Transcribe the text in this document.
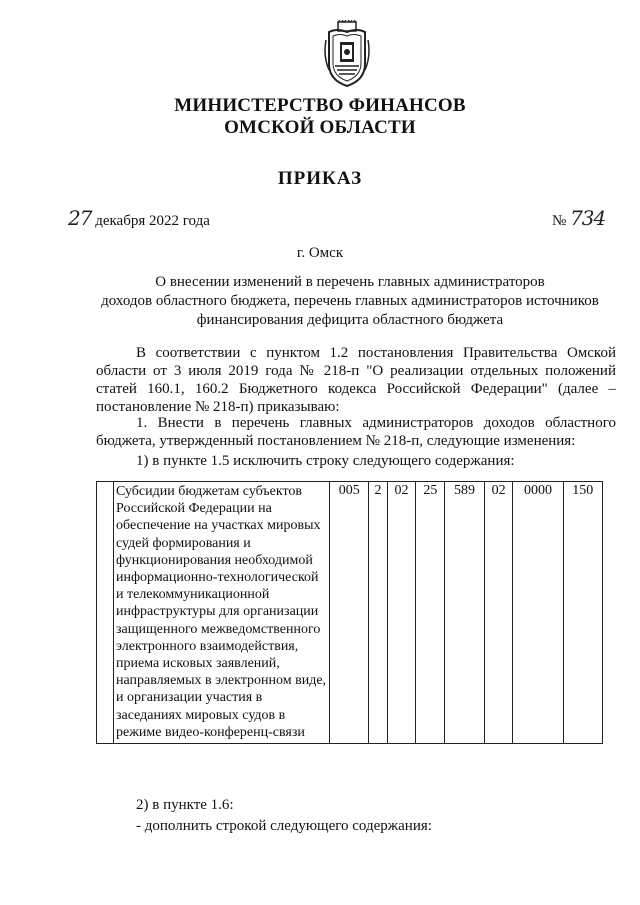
МИНИСТЕРСТВО ФИНАНСОВ
ОМСКОЙ ОБЛАСТИ
ПРИКАЗ
27 декабря 2022 года	№ 734
г. Омск
О внесении изменений в перечень главных администраторов
доходов областного бюджета, перечень главных администраторов источников
финансирования дефицита областного бюджета
В соответствии с пунктом 1.2 постановления Правительства Омской области от 3 июля 2019 года № 218-п "О реализации отдельных положений статей 160.1, 160.2 Бюджетного кодекса Российской Федерации" (далее – постановление № 218-п) приказываю:
1. Внести в перечень главных администраторов доходов областного бюджета, утвержденный постановлением № 218-п, следующие изменения:
1) в пункте 1.5 исключить строку следующего содержания:
	Субсидии бюджетам субъектов Российской Федерации на обеспечение на участках мировых судей формирования и функционирования необходимой информационно-технологической и телекоммуникационной инфраструктуры для организации защищенного межведомственного электронного взаимодействия, приема исковых заявлений, направляемых в электронном виде, и организации участия в заседаниях мировых судов в режиме видео-конференц-связи	005	2	02	25	589	02	0000	150
2) в пункте 1.6:
- дополнить строкой следующего содержания:
